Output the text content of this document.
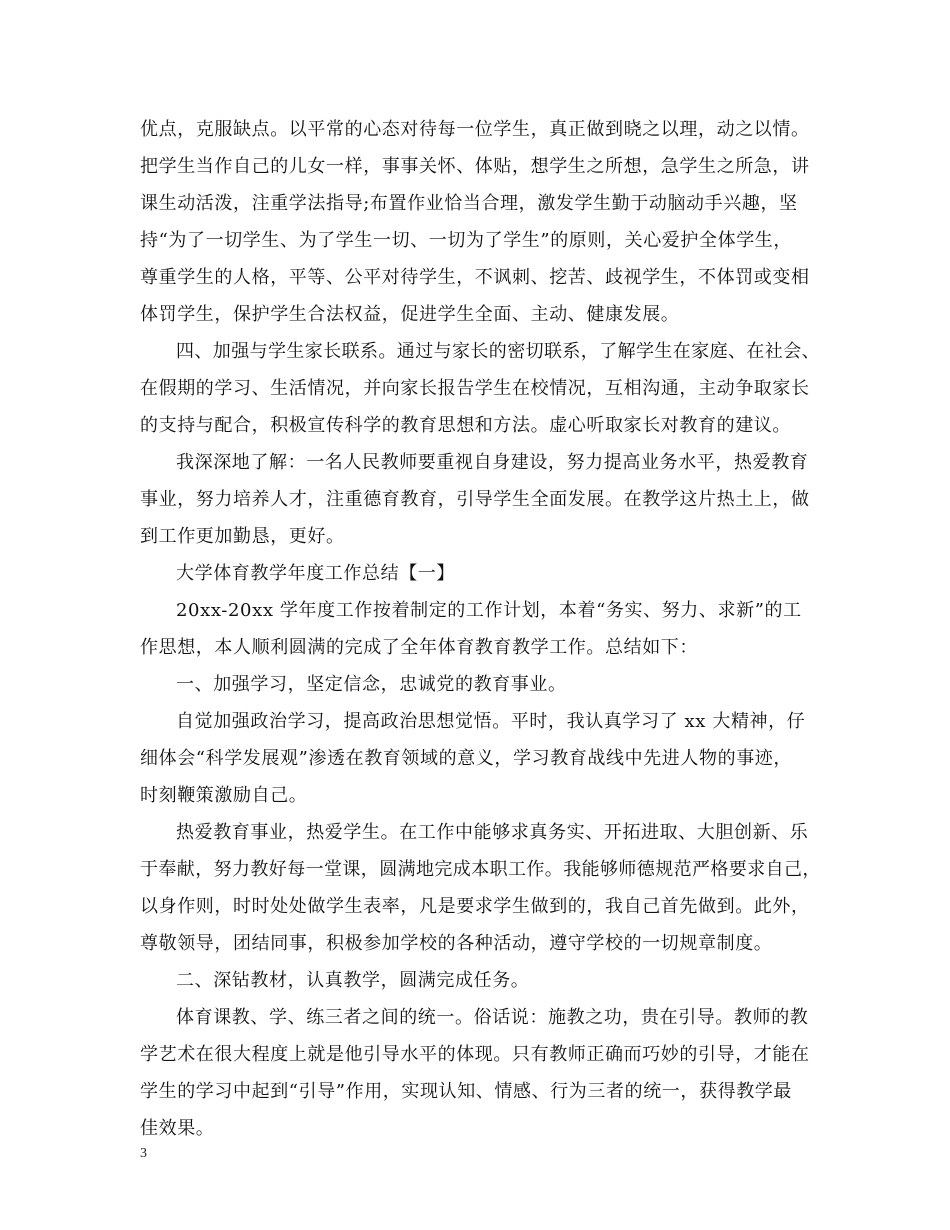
优点，克服缺点。以平常的心态对待每一位学生，真正做到晓之以理，动之以情。
把学生当作自己的儿女一样，事事关怀、体贴，想学生之所想，急学生之所急，讲
课生动活泼，注重学法指导;布置作业恰当合理，激发学生勤于动脑动手兴趣，坚
持“为了一切学生、为了学生一切、一切为了学生”的原则，关心爱护全体学生，
尊重学生的人格，平等、公平对待学生，不讽刺、挖苦、歧视学生，不体罚或变相
体罚学生，保护学生合法权益，促进学生全面、主动、健康发展。
四、加强与学生家长联系。通过与家长的密切联系，了解学生在家庭、在社会、
在假期的学习、生活情况，并向家长报告学生在校情况，互相沟通，主动争取家长
的支持与配合，积极宣传科学的教育思想和方法。虚心听取家长对教育的建议。
我深深地了解：一名人民教师要重视自身建设，努力提高业务水平，热爱教育
事业，努力培养人才，注重德育教育，引导学生全面发展。在教学这片热土上，做
到工作更加勤恳，更好。
大学体育教学年度工作总结【一】
20xx-20xx 学年度工作按着制定的工作计划，本着“务实、努力、求新”的工
作思想，本人顺利圆满的完成了全年体育教育教学工作。总结如下：
一、加强学习，坚定信念，忠诚党的教育事业。
自觉加强政治学习，提高政治思想觉悟。平时，我认真学习了 xx 大精神，仔
细体会“科学发展观”渗透在教育领域的意义，学习教育战线中先进人物的事迹，
时刻鞭策激励自己。
热爱教育事业，热爱学生。在工作中能够求真务实、开拓进取、大胆创新、乐
于奉献，努力教好每一堂课，圆满地完成本职工作。我能够师德规范严格要求自己，
以身作则，时时处处做学生表率，凡是要求学生做到的，我自己首先做到。此外，
尊敬领导，团结同事，积极参加学校的各种活动，遵守学校的一切规章制度。
二、深钻教材，认真教学，圆满完成任务。
体育课教、学、练三者之间的统一。俗话说：施教之功，贵在引导。教师的教
学艺术在很大程度上就是他引导水平的体现。只有教师正确而巧妙的引导，才能在
学生的学习中起到“引导”作用，实现认知、情感、行为三者的统一，获得教学最
佳效果。
3
